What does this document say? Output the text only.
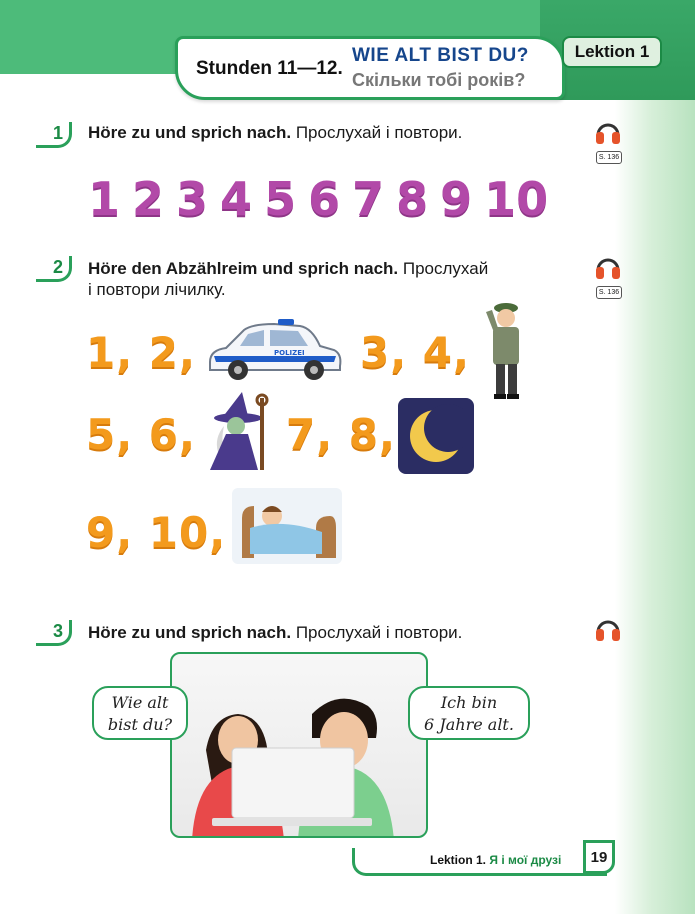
Stunden 11—12.
WIE ALT BIST DU?
Скільки тобі років?
Lektion 1
1	Höre zu und sprich nach. Прослухай і повтори.
S. 136
1 2 3 4 5 6 7 8 9 10
2	Höre den Abzählreim und sprich nach. Прослухай
і повтори лічилку.	S. 136
1, 2,	POLIZEI 3, 4,
5, 6, 7, 8,
9, 10,
3	Höre zu und sprich nach. Прослухай і повтори.
Wie alt
bist du?
Ich bin
6 Jahre alt.
Lektion 1. Я і мої друзі	19
